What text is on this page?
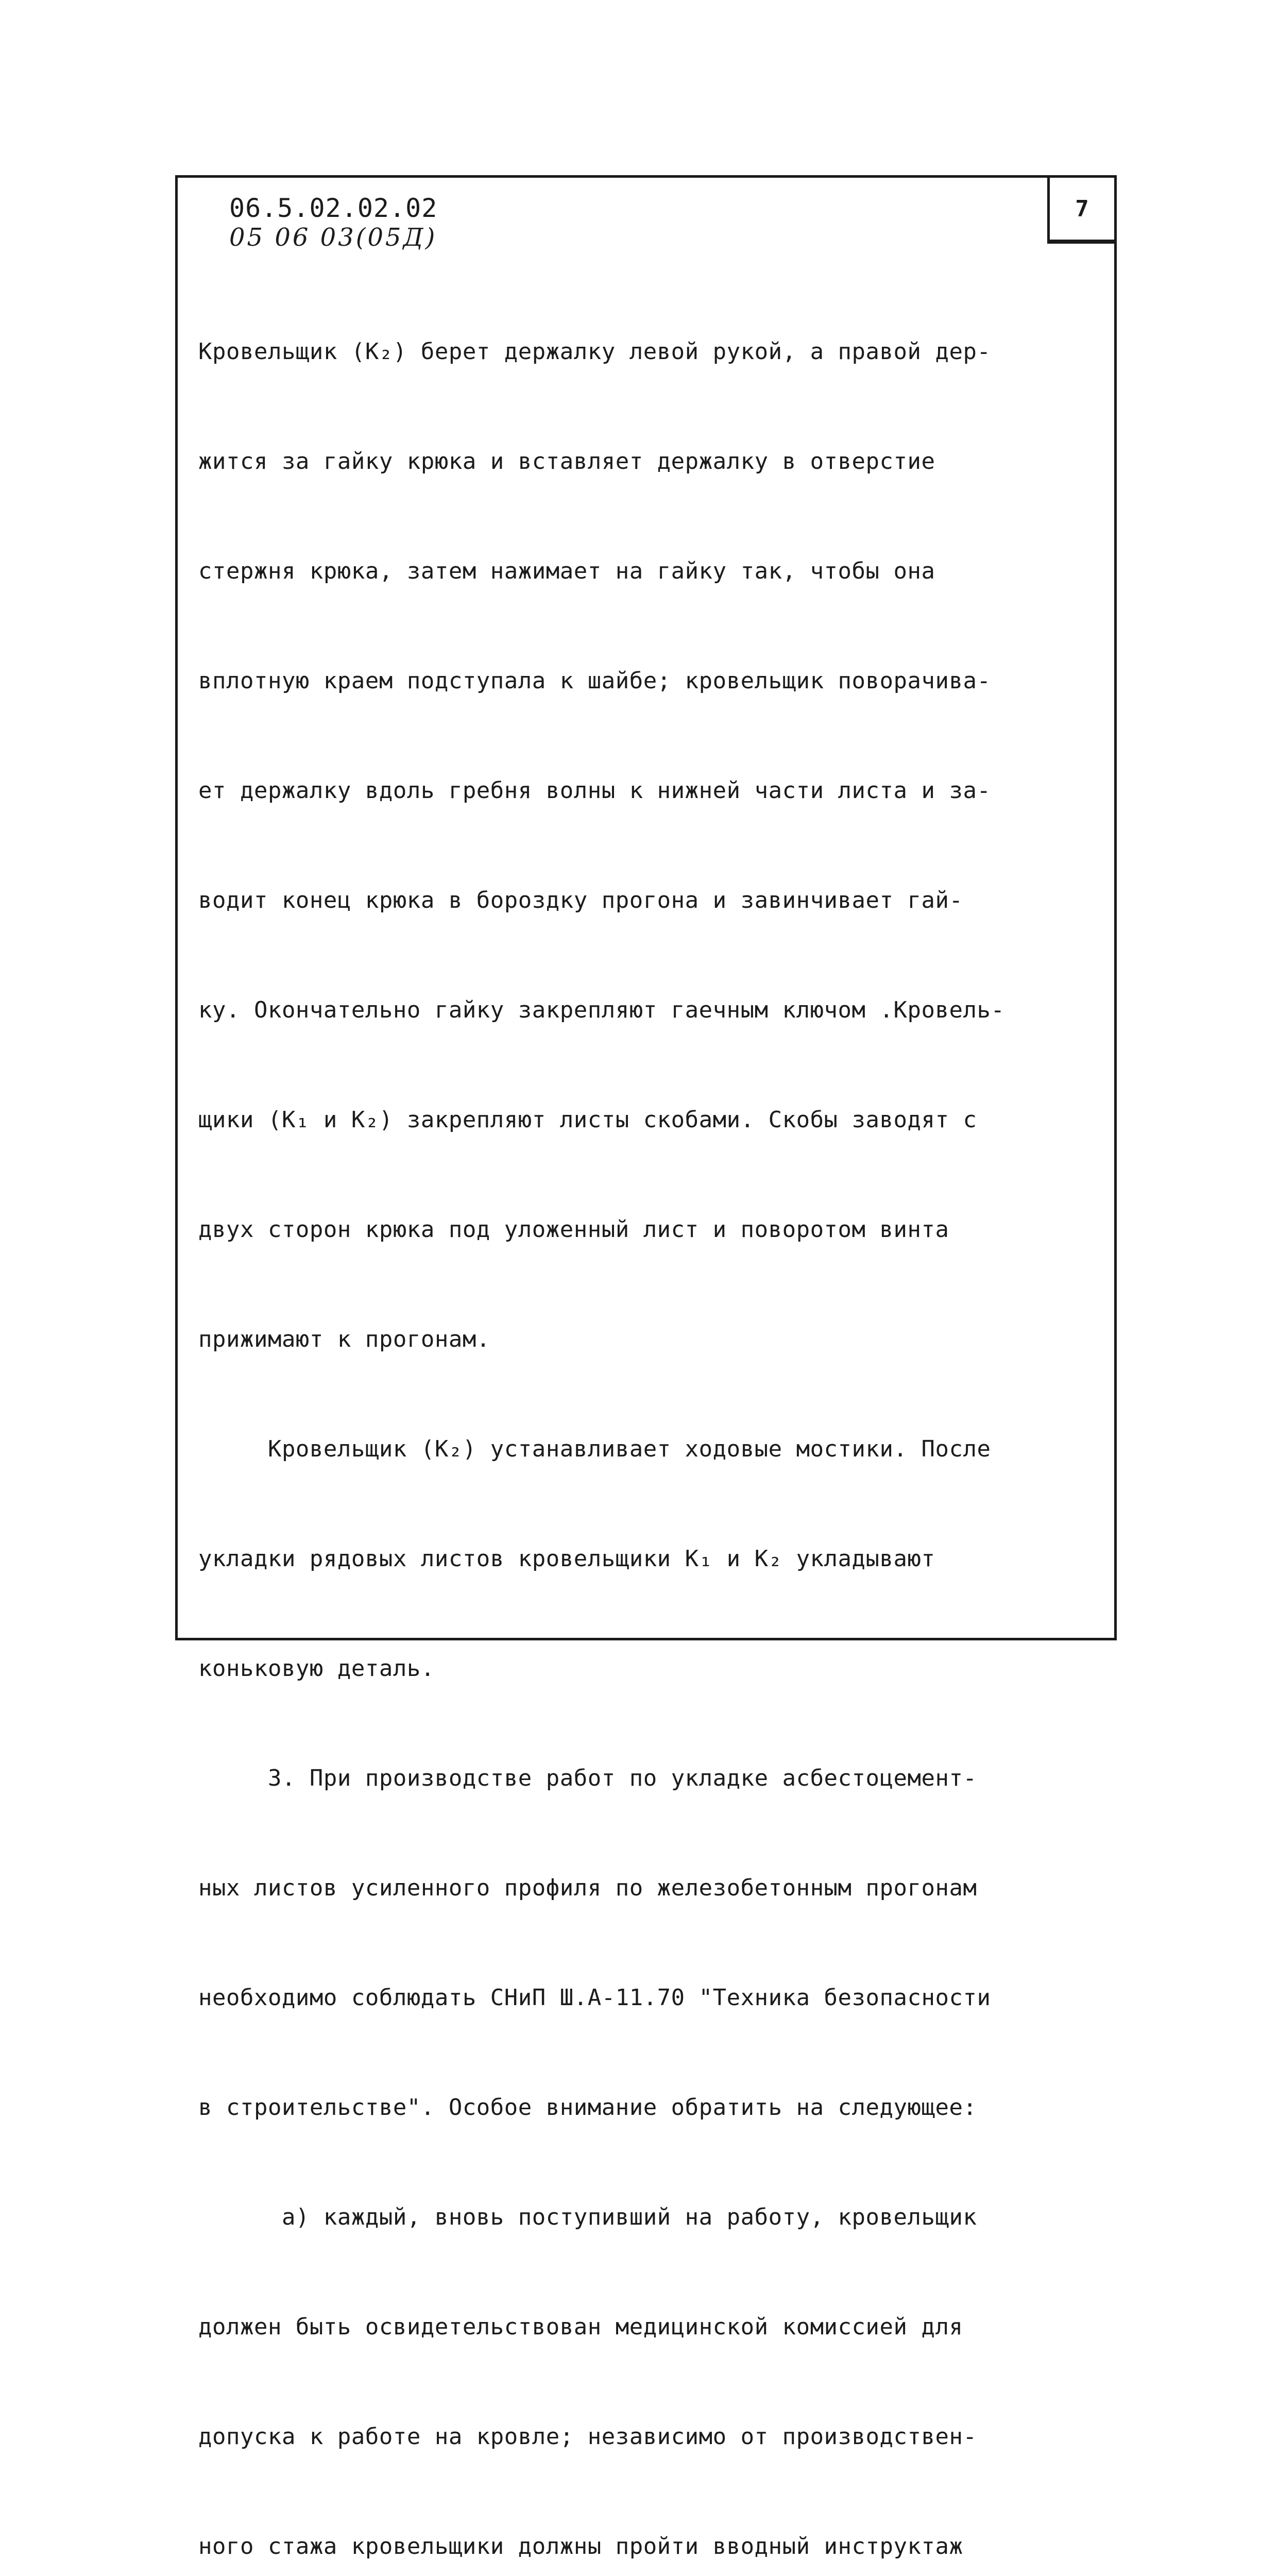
06.5.02.02.02
05 06 03(05Д)
7

Кровельщик (К₂) берет держалку левой рукой, а правой дер-

жится за гайку крюка и вставляет держалку в отверстие

стержня крюка, затем нажимает на гайку так, чтобы она

вплотную краем подступала к шайбе; кровельщик поворачива-

ет держалку вдоль гребня волны к нижней части листа и за-

водит конец крюка в бороздку прогона и завинчивает гай-

ку. Окончательно гайку закрепляют гаечным ключом .Кровель-

щики (К₁ и К₂) закрепляют листы скобами. Скобы заводят с

двух сторон крюка под уложенный лист и поворотом винта

прижимают к прогонам.

Кровельщик (К₂) устанавливает ходовые мостики. После

укладки рядовых листов кровельщики К₁ и К₂ укладывают

коньковую деталь.

3. При производстве работ по укладке асбестоцемент-

ных листов усиленного профиля по железобетонным прогонам

необходимо соблюдать СНиП Ш.А-11.70 "Техника безопасности

в строительстве". Особое внимание обратить на следующее:

а) каждый, вновь поступивший на работу, кровельщик

должен быть освидетельствован медицинской комиссией для

допуска к работе на кровле; независимо от производствен-

ного стажа кровельщики должны пройти вводный инструктаж
